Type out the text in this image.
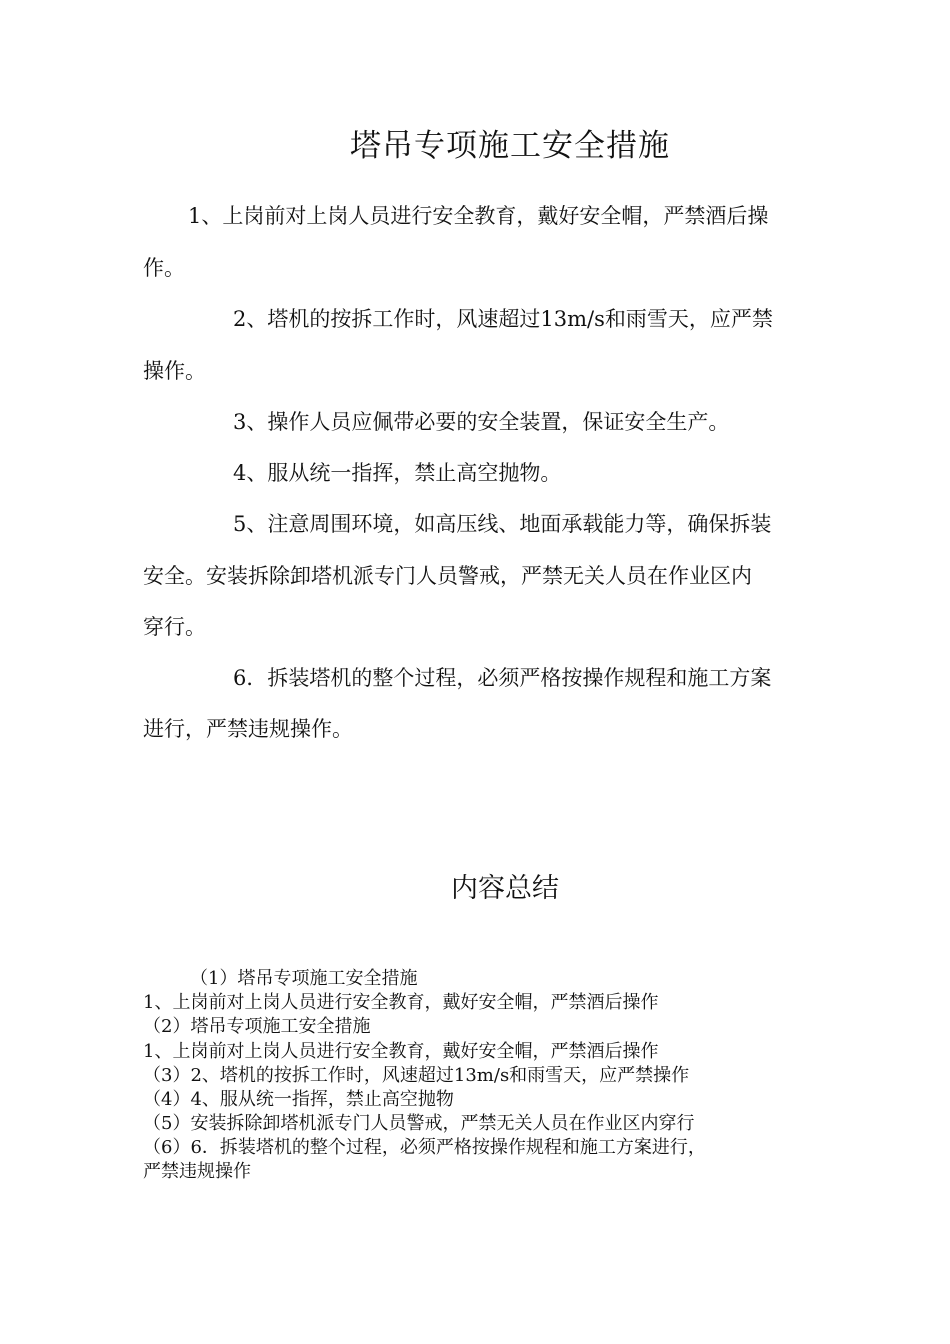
塔吊专项施工安全措施
1、上岗前对上岗人员进行安全教育，戴好安全帽，严禁酒后操
作。
2、塔机的按拆工作时，风速超过13m/s和雨雪天，应严禁
操作。
3、操作人员应佩带必要的安全装置，保证安全生产。
4、服从统一指挥，禁止高空抛物。
5、注意周围环境，如高压线、地面承载能力等，确保拆装
安全。安装拆除卸塔机派专门人员警戒，严禁无关人员在作业区内
穿行。
6．拆装塔机的整个过程，必须严格按操作规程和施工方案
进行，严禁违规操作。
内容总结
（1）塔吊专项施工安全措施
1、上岗前对上岗人员进行安全教育，戴好安全帽，严禁酒后操作
（2）塔吊专项施工安全措施
1、上岗前对上岗人员进行安全教育，戴好安全帽，严禁酒后操作
（3）2、塔机的按拆工作时，风速超过13m/s和雨雪天，应严禁操作
（4）4、服从统一指挥，禁止高空抛物
（5）安装拆除卸塔机派专门人员警戒，严禁无关人员在作业区内穿行
（6）6．拆装塔机的整个过程，必须严格按操作规程和施工方案进行，
严禁违规操作
